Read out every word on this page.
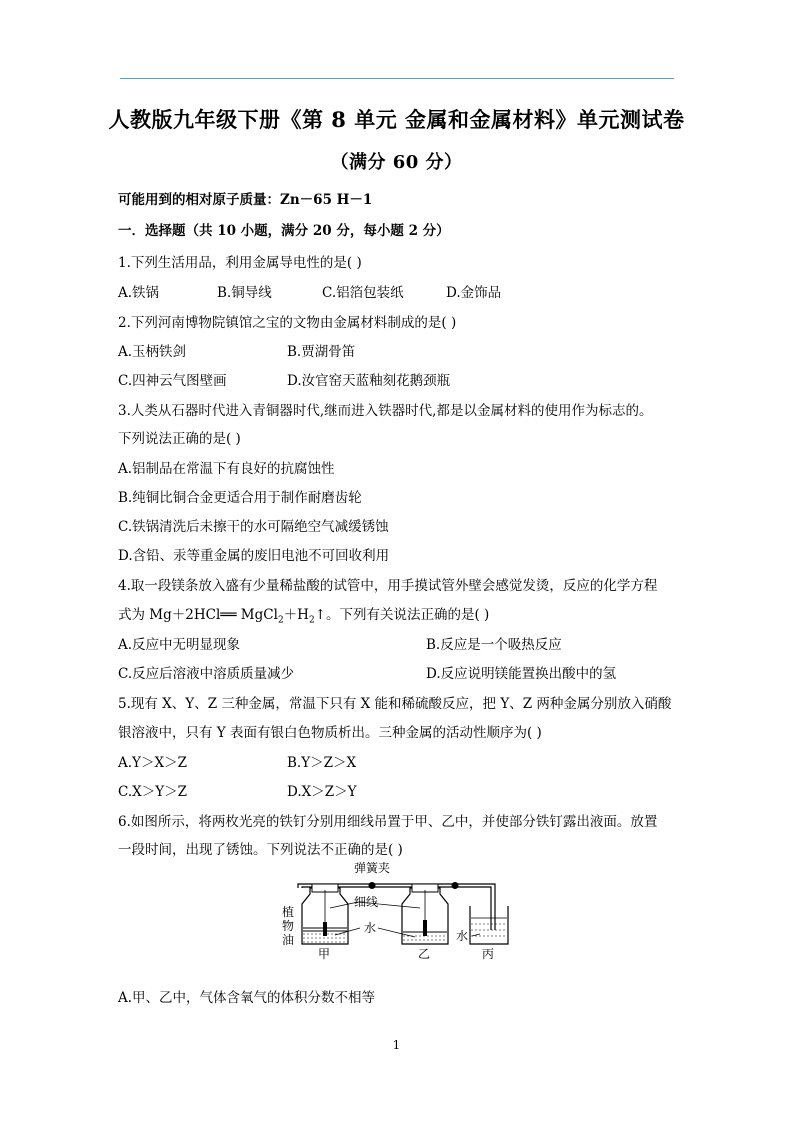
人教版九年级下册《第 8 单元 金属和金属材料》单元测试卷
（满分 60 分）
可能用到的相对原子质量：Zn－65 H－1
一．选择题（共 10 小题，满分 20 分，每小题 2 分）
1.下列生活用品，利用金属导电性的是( )
A.铁锅	B.铜导线	C.铝箔包装纸	D.金饰品
2.下列河南博物院镇馆之宝的文物由金属材料制成的是( )
A.玉柄铁剑	B.贾湖骨笛
C.四神云气图壁画	D.汝官窑天蓝釉刻花鹅颈瓶
3.人类从石器时代进入青铜器时代,继而进入铁器时代,都是以金属材料的使用作为标志的。
下列说法正确的是( )
A.铝制品在常温下有良好的抗腐蚀性
B.纯铜比铜合金更适合用于制作耐磨齿轮
C.铁锅清洗后未擦干的水可隔绝空气减缓锈蚀
D.含铅、汞等重金属的废旧电池不可回收利用
4.取一段镁条放入盛有少量稀盐酸的试管中，用手摸试管外壁会感觉发烫，反应的化学方程
式为 Mg＋2HCl══ $MgCl_2+H_2↑$。下列有关说法正确的是( )
A.反应中无明显现象	B.反应是一个吸热反应
C.反应后溶液中溶质质量减少	D.反应说明镁能置换出酸中的氢
5.现有 X、Y、Z 三种金属，常温下只有 X 能和稀硫酸反应，把 Y、Z 两种金属分别放入硝酸
银溶液中，只有 Y 表面有银白色物质析出。三种金属的活动性顺序为( )
A.Y＞X＞Z	B.Y＞Z＞X
C.X＞Y＞Z	D.X＞Z＞Y
6.如图所示，将两枚光亮的铁钉分别用细线吊置于甲、乙中，并使部分铁钉露出液面。放置
一段时间，出现了锈蚀。下列说法不正确的是( )
弹簧夹
细线
植
物
油
水
水
甲	乙	丙
A.甲、乙中，气体含氧气的体积分数不相等
1
